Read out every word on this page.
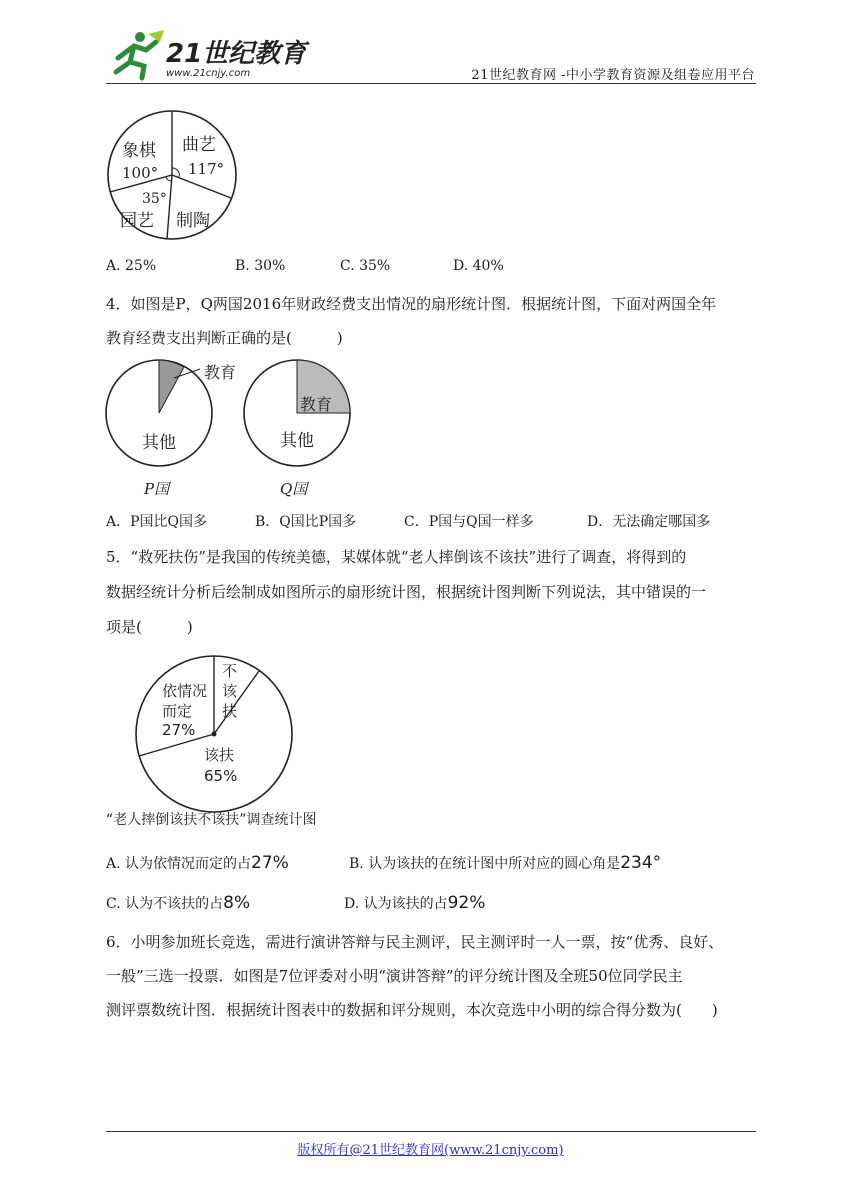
21世纪教育
www.21cnjy.com	21世纪教育网 -中小学教育资源及组卷应用平台
象棋
100°
曲艺
117°
35°
园艺 制陶
A. 25%	B. 30%	C. 35%	D. 40%
4．如图是P，Q两国2016年财政经费支出情况的扇形统计图．根据统计图，下面对两国全年
教育经费支出判断正确的是(　　　)
教育
其他
P国
教育
其他
Q国
A．P国比Q国多	B．Q国比P国多	C．P国与Q国一样多	D．无法确定哪国多
5．“救死扶伤”是我国的传统美德，某媒体就“老人摔倒该不该扶”进行了调查，将得到的
数据经统计分析后绘制成如图所示的扇形统计图，根据统计图判断下列说法，其中错误的一
项是(　　　)
依情况
而定
27%
不
该
扶
该扶
65%
“老人摔倒该扶不该扶”调查统计图
A. 认为依情况而定的占27%	B. 认为该扶的在统计图中所对应的圆心角是234°
C. 认为不该扶的占8%	D. 认为该扶的占92%
6．小明参加班长竞选，需进行演讲答辩与民主测评，民主测评时一人一票，按“优秀、良好、
一般”三选一投票．如图是7位评委对小明“演讲答辩”的评分统计图及全班50位同学民主
测评票数统计图．根据统计图表中的数据和评分规则，本次竞选中小明的综合得分数为(　　)
版权所有@21世纪教育网(www.21cnjy.com)
